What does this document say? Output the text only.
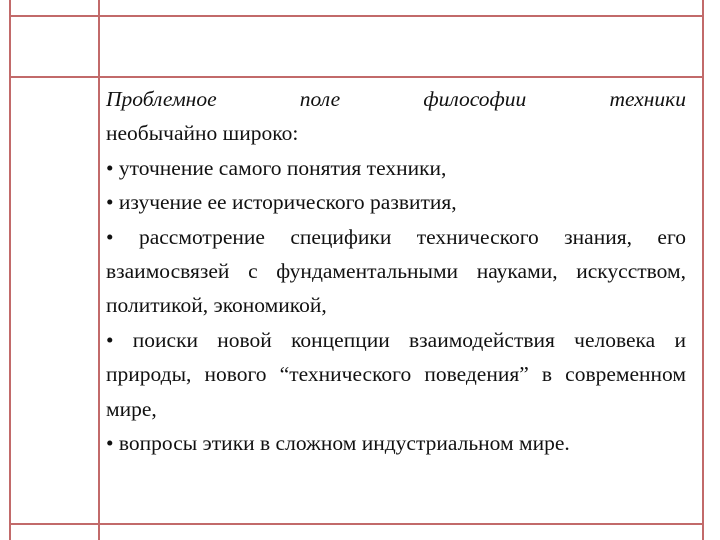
Проблемное поле философии техники
необычайно широко:

• уточнение самого понятия техники,

• изучение ее исторического развития,

• рассмотрение специфики технического знания, его взаимосвязей с фундаментальными науками, искусством, политикой, экономикой,

• поиски новой концепции взаимодействия человека и природы, нового “технического поведения” в современном мире,

• вопросы этики в сложном индустриальном мире.
